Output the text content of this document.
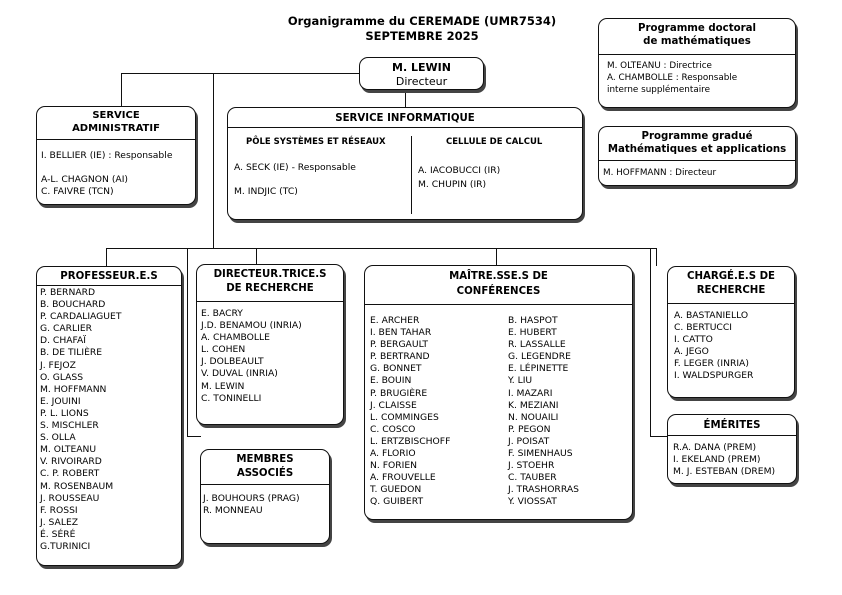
Organigramme du CEREMADE (UMR7534)
SEPTEMBRE 2025
M. LEWIN
Directeur
Programme doctoral
de mathématiques
M. OLTEANU : Directrice
A. CHAMBOLLE : Responsable
interne supplémentaire
Programme gradué
Mathématiques et applications
M. HOFFMANN : Directeur
SERVICE
ADMINISTRATIF
I. BELLIER (IE) : Responsable
A-L. CHAGNON (AI)
C. FAIVRE (TCN)
SERVICE INFORMATIQUE
PÔLE SYSTÈMES ET RÉSEAUX
A. SECK (IE) - Responsable
M. INDJIC (TC)
CELLULE DE CALCUL
A. IACOBUCCI (IR)
M. CHUPIN (IR)
PROFESSEUR.E.S
P. BERNARD
B. BOUCHARD
P. CARDALIAGUET
G. CARLIER
D. CHAFAÏ
B. DE TILIÈRE
J. FEJOZ
O. GLASS
M. HOFFMANN
E. JOUINI
P. L. LIONS
S. MISCHLER
S. OLLA
M. OLTEANU
V. RIVOIRARD
C. P. ROBERT
M. ROSENBAUM
J. ROUSSEAU
F. ROSSI
J. SALEZ
É. SÉRÉ
G.TURINICI
DIRECTEUR.TRICE.S
DE RECHERCHE
E. BACRY
J.D. BENAMOU (INRIA)
A. CHAMBOLLE
L. COHEN
J. DOLBEAULT
V. DUVAL (INRIA)
M. LEWIN
C. TONINELLI
MEMBRES
ASSOCIÉS
J. BOUHOURS (PRAG)
R. MONNEAU
MAÎTRE.SSE.S DE
CONFÉRENCES
E. ARCHER
I. BEN TAHAR
P. BERGAULT
P. BERTRAND
G. BONNET
E. BOUIN
P. BRUGIÈRE
J. CLAISSE
L. COMMINGES
C. COSCO
L. ERTZBISCHOFF
A. FLORIO
N. FORIEN
A. FROUVELLE
T. GUEDON
Q. GUIBERT
B. HASPOT
E. HUBERT
R. LASSALLE
G. LEGENDRE
E. LÉPINETTE
Y. LIU
I. MAZARI
K. MEZIANI
N. NOUAILI
P. PEGON
J. POISAT
F. SIMENHAUS
J. STOEHR
C. TAUBER
J. TRASHORRAS
Y. VIOSSAT
CHARGÉ.E.S DE
RECHERCHE
A. BASTANIELLO
C. BERTUCCI
I. CATTO
A. JEGO
F. LEGER (INRIA)
I. WALDSPURGER
ÉMÉRITES
R.A. DANA (PREM)
I. EKELAND (PREM)
M. J. ESTEBAN (DREM)
